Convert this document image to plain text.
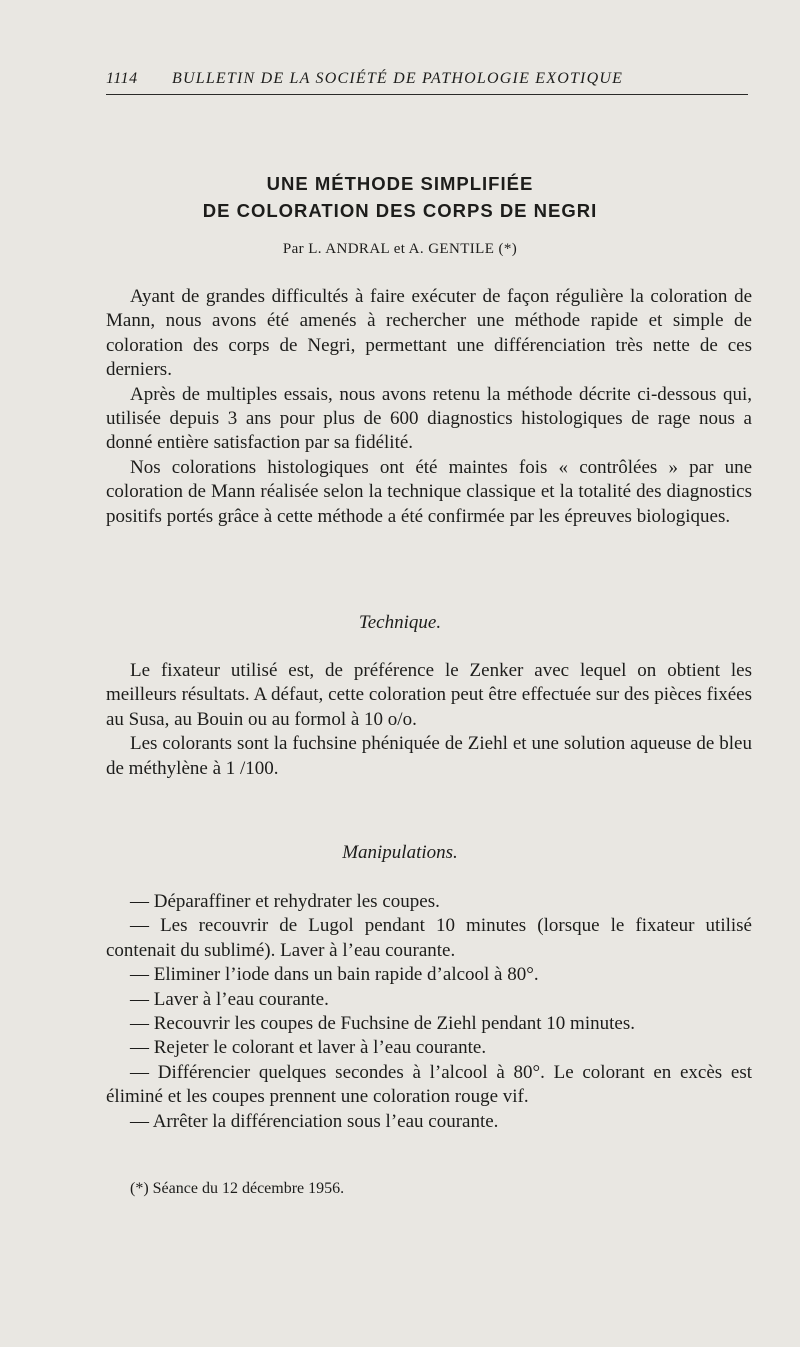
1114	BULLETIN DE LA SOCIÉTÉ DE PATHOLOGIE EXOTIQUE
UNE MÉTHODE SIMPLIFIÉE
DE COLORATION DES CORPS DE NEGRI
Par L. ANDRAL et A. GENTILE (*)

Ayant de grandes difficultés à faire exécuter de façon régulière la coloration de Mann, nous avons été amenés à rechercher une méthode rapide et simple de coloration des corps de Negri, permettant une différenciation très nette de ces derniers.

Après de multiples essais, nous avons retenu la méthode décrite ci-dessous qui, utilisée depuis 3 ans pour plus de 600 diagnostics histologiques de rage nous a donné entière satisfaction par sa fidélité.

Nos colorations histologiques ont été maintes fois « contrôlées » par une coloration de Mann réalisée selon la technique classique et la totalité des diagnostics positifs portés grâce à cette méthode a été confirmée par les épreuves biologiques.

Technique.

Le fixateur utilisé est, de préférence le Zenker avec lequel on obtient les meilleurs résultats. A défaut, cette coloration peut être effectuée sur des pièces fixées au Susa, au Bouin ou au formol à 10 o/o.

Les colorants sont la fuchsine phéniquée de Ziehl et une solution aqueuse de bleu de méthylène à 1 /100.

Manipulations.

— Déparaffiner et rehydrater les coupes.

— Les recouvrir de Lugol pendant 10 minutes (lorsque le fixateur utilisé contenait du sublimé). Laver à l’eau courante.

— Eliminer l’iode dans un bain rapide d’alcool à 80°.

— Laver à l’eau courante.

— Recouvrir les coupes de Fuchsine de Ziehl pendant 10 minutes.

— Rejeter le colorant et laver à l’eau courante.

— Différencier quelques secondes à l’alcool à 80°. Le colorant en excès est éliminé et les coupes prennent une coloration rouge vif.

— Arrêter la différenciation sous l’eau courante.

(*) Séance du 12 décembre 1956.
